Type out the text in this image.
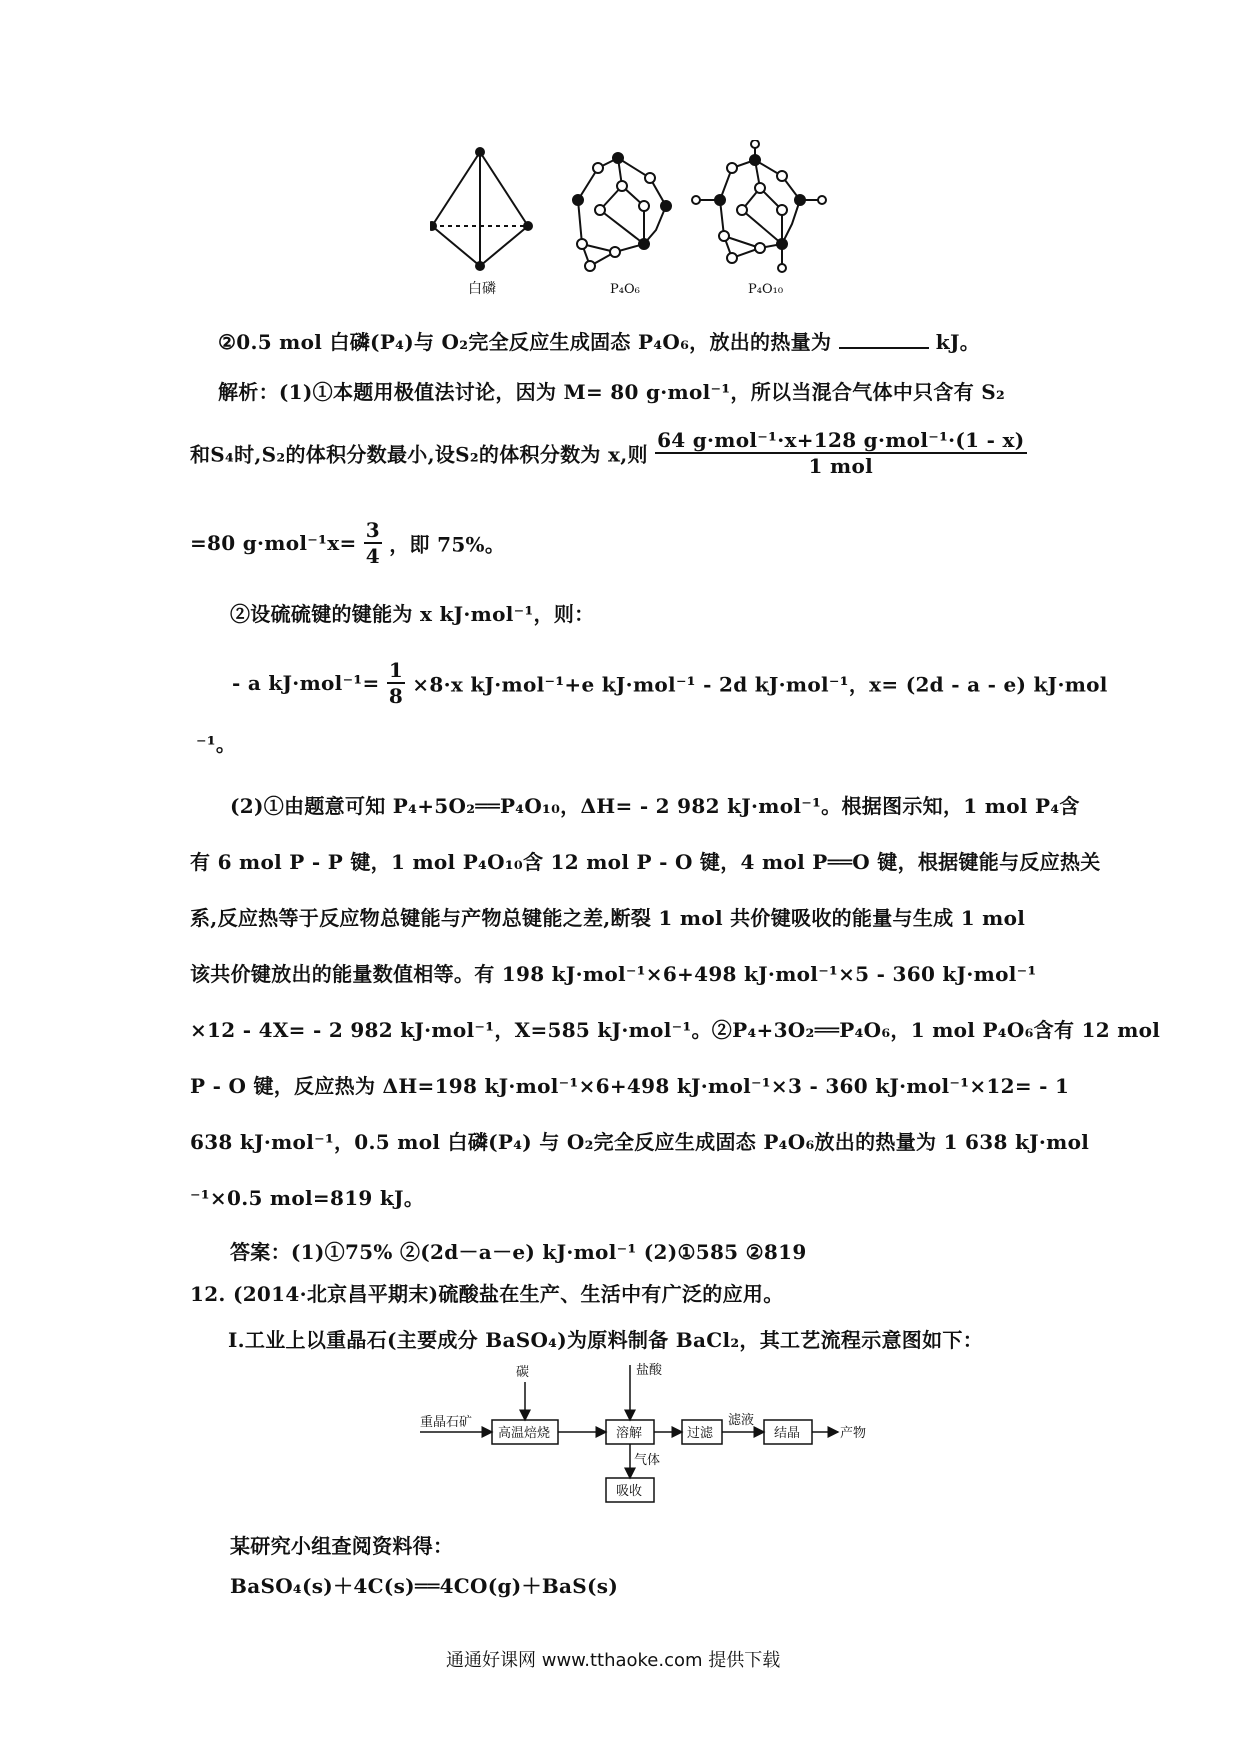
白磷	P₄O₆	P₄O₁₀
②0.5 mol 白磷(P₄)与 O₂完全反应生成固态 P₄O₆，放出的热量为	kJ。
解析：(1)①本题用极值法讨论，因为 M= 80 g·mol⁻¹，所以当混合气体中只含有 S₂
和S₄时,S₂的体积分数最小,设S₂的体积分数为 x,则 $\frac{\text{64 g·mol⁻¹·x+128 g·mol⁻¹·(1 - x)}}{\text{1 mol}}$
=80 $g\cdot mol^{-1}x= \frac{3}{4}$ ，即 75%。
②设硫硫键的键能为 x kJ·mol⁻¹，则：
- a $kJ\cdot mol^{-1}= \frac{1}{8} \times 8\cdot x$ kJ·mol⁻¹+e kJ·mol⁻¹ - 2d kJ·mol⁻¹，x= (2d - a - e) kJ·mol
⁻¹。
(2)①由题意可知 P₄+5O₂══P₄O₁₀，ΔH= - 2 982 kJ·mol⁻¹。根据图示知，1 mol P₄含
有 6 mol P - P 键，1 mol P₄O₁₀含 12 mol P - O 键，4 mol P══O 键，根据键能与反应热关
系,反应热等于反应物总键能与产物总键能之差,断裂 1 mol 共价键吸收的能量与生成 1 mol
该共价键放出的能量数值相等。有 198 kJ·mol⁻¹×6+498 kJ·mol⁻¹×5 - 360 kJ·mol⁻¹
×12 - 4X= - 2 982 kJ·mol⁻¹，X=585 kJ·mol⁻¹。②P₄+3O₂══P₄O₆，1 mol P₄O₆含有 12 mol
P - O 键，反应热为 ΔH=198 kJ·mol⁻¹×6+498 kJ·mol⁻¹×3 - 360 kJ·mol⁻¹×12= - 1
638 kJ·mol⁻¹，0.5 mol 白磷(P₄) 与 O₂完全反应生成固态 P₄O₆放出的热量为 1 638 kJ·mol
⁻¹×0.5 mol=819 kJ。
答案：(1)①75% ②(2d－a－e) kJ·mol⁻¹ (2)①585 ②819
12. (2014·北京昌平期末)硫酸盐在生产、生活中有广泛的应用。
Ⅰ.工业上以重晶石(主要成分 BaSO₄)为原料制备 BaCl₂，其工艺流程示意图如下：
重晶石矿
碳	盐酸
高温焙烧	溶解	过滤
滤液
结晶	产物
气体
吸收
某研究小组查阅资料得：
BaSO₄(s)＋4C(s)══4CO(g)＋BaS(s)
通通好课网 www.tthaoke.com 提供下载
